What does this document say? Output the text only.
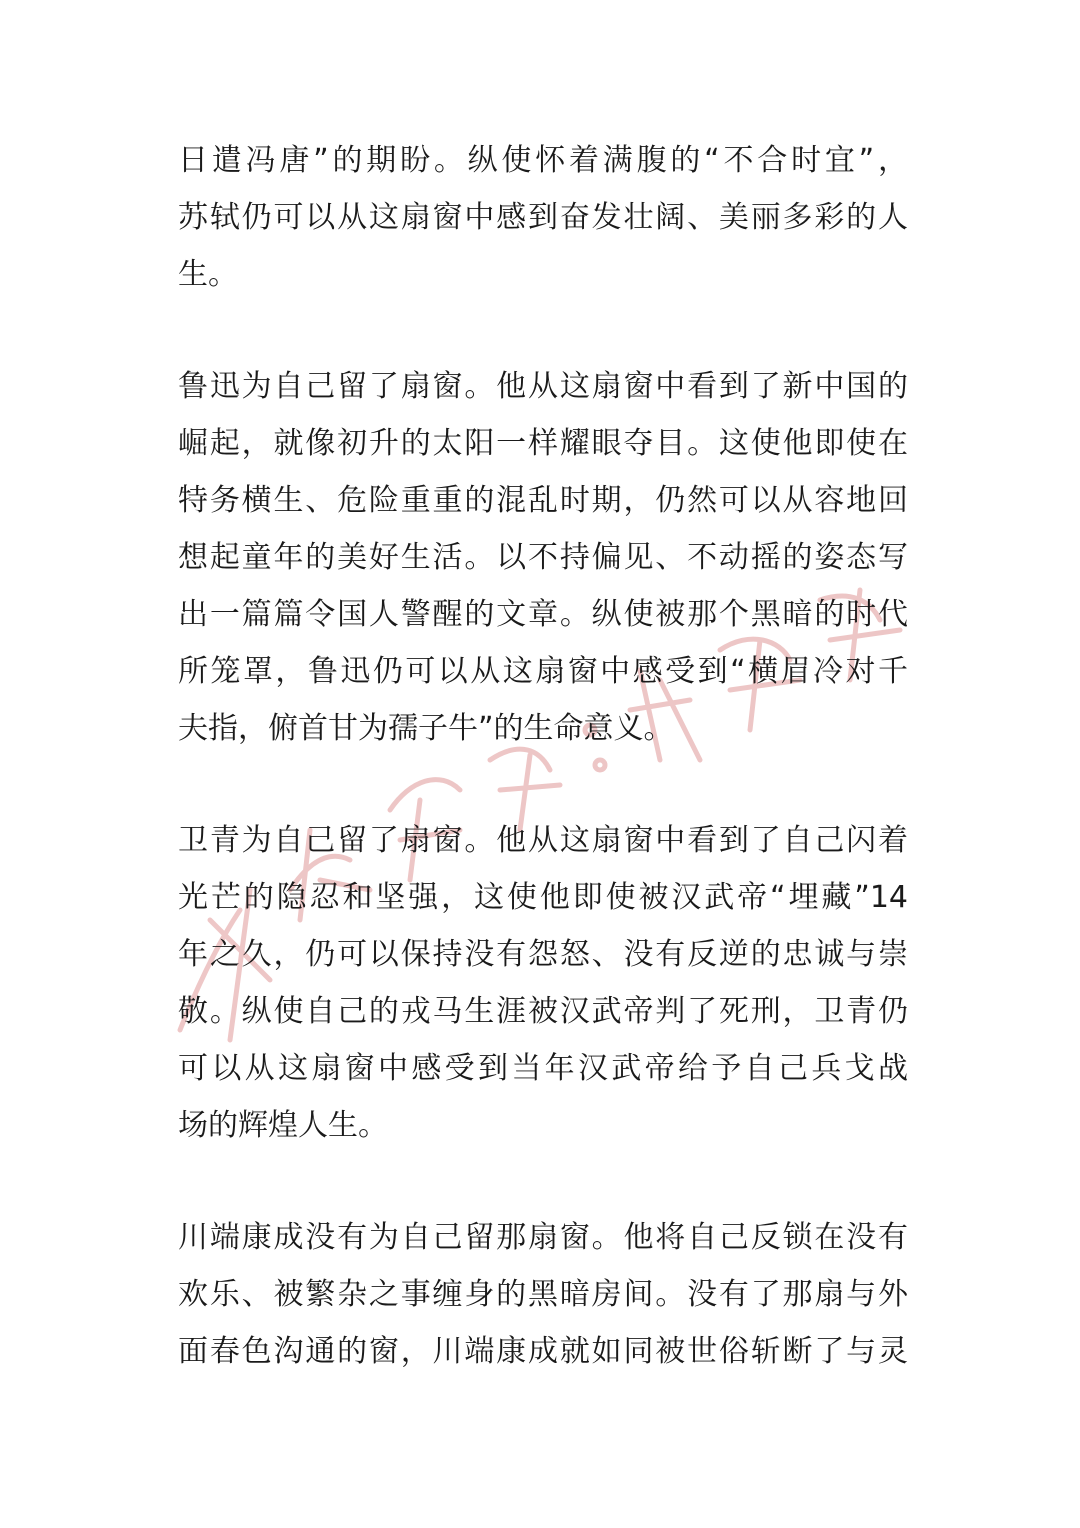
日遣冯唐”的期盼。纵使怀着满腹的“不合时宜”，
苏轼仍可以从这扇窗中感到奋发壮阔、美丽多彩的人
生。
鲁迅为自己留了扇窗。他从这扇窗中看到了新中国的
崛起，就像初升的太阳一样耀眼夺目。这使他即使在
特务横生、危险重重的混乱时期，仍然可以从容地回
想起童年的美好生活。以不持偏见、不动摇的姿态写
出一篇篇令国人警醒的文章。纵使被那个黑暗的时代
所笼罩，鲁迅仍可以从这扇窗中感受到“横眉冷对千
夫指，俯首甘为孺子牛”的生命意义。
卫青为自己留了扇窗。他从这扇窗中看到了自己闪着
光芒的隐忍和坚强，这使他即使被汉武帝“埋藏”14
年之久，仍可以保持没有怨怒、没有反逆的忠诚与崇
敬。纵使自己的戎马生涯被汉武帝判了死刑，卫青仍
可以从这扇窗中感受到当年汉武帝给予自己兵戈战
场的辉煌人生。
川端康成没有为自己留那扇窗。他将自己反锁在没有
欢乐、被繁杂之事缠身的黑暗房间。没有了那扇与外
面春色沟通的窗，川端康成就如同被世俗斩断了与灵
